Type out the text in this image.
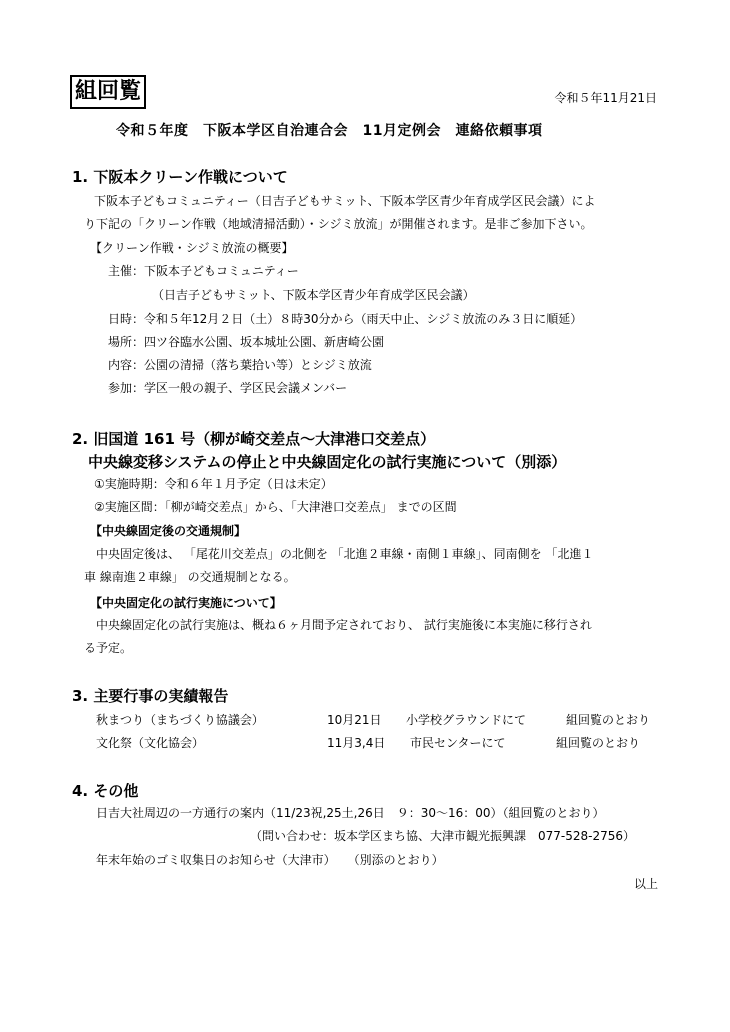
組回覧	令和５年11月21日
令和５年度　下阪本学区自治連合会　11月定例会　連絡依頼事項
1. 下阪本クリーン作戦について
下阪本子どもコミュニティー（日吉子どもサミット、下阪本学区青少年育成学区民会議）によ
り下記の「クリーン作戦（地域清掃活動）・シジミ放流」が開催されます。是非ご参加下さい。
【クリーン作戦・シジミ放流の概要】
主催：下阪本子どもコミュニティー
（日吉子どもサミット、下阪本学区青少年育成学区民会議）
日時：令和５年12月２日（土）８時30分から（雨天中止、シジミ放流のみ３日に順延）
場所：四ツ谷臨水公園、坂本城址公園、新唐崎公園
内容：公園の清掃（落ち葉拾い等）とシジミ放流
参加：学区一般の親子、学区民会議メンバー
2. 旧国道 161 号（柳が崎交差点～大津港口交差点）
中央線変移システムの停止と中央線固定化の試行実施について（別添）
①実施時期：令和６年１月予定（日は未定）
②実施区間：「柳が崎交差点」から、「大津港口交差点」 までの区間
【中央線固定後の交通規制】
中央固定後は、 「尾花川交差点」の北側を 「北進２車線・南側１車線」、同南側を 「北進１
車 線南進２車線」 の交通規制となる。
【中央固定化の試行実施について】
中央線固定化の試行実施は、概ね６ヶ月間予定されており、 試行実施後に本実施に移行され
る予定。
3. 主要行事の実績報告
秋まつり（まちづくり協議会）	10月21日 小学校グラウンドにて	組回覧のとおり
文化祭（文化協会）	11月3,4日 市民センターにて	組回覧のとおり
4. その他
日吉大社周辺の一方通行の案内（11/23祝,25土,26日　９：30～16：00）（組回覧のとおり）
（問い合わせ：坂本学区まち協、大津市観光振興課　077-528-2756）
年末年始のゴミ収集日のお知らせ（大津市）　　（別添のとおり）
以上
